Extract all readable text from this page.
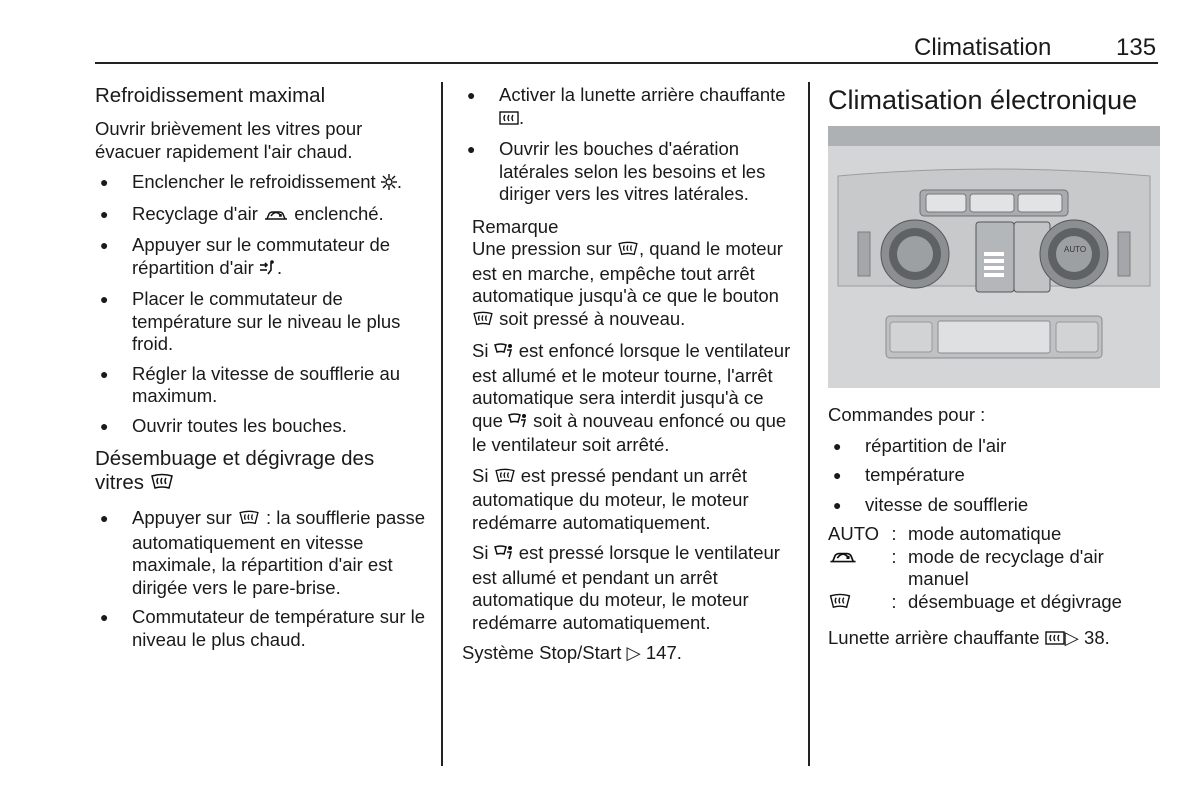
Climatisation	135
Refroidissement maximal

Ouvrir brièvement les vitres pour évacuer rapidement l'air chaud.

● Enclencher le refroidissement .
● Recyclage d'air enclenché.
● Appuyer sur le commutateur de répartition d'air .
● Placer le commutateur de température sur le niveau le plus froid.
● Régler la vitesse de soufflerie au maximum.
● Ouvrir toutes les bouches.
Désembuage et dégivrage des vitres
● Appuyer sur : la soufflerie passe automatiquement en vitesse maximale, la répartition d'air est dirigée vers le pare-brise.
● Commutateur de température sur le niveau le plus chaud.
● Activer la lunette arrière chauffante .
● Ouvrir les bouches d'aération latérales selon les besoins et les diriger vers les vitres latérales.
Remarque

Une pression sur , quand le moteur est en marche, empêche tout arrêt automatique jusqu'à ce que le bouton  soit pressé à nouveau.

Si est enfoncé lorsque le ventilateur est allumé et le moteur tourne, l'arrêt automatique sera interdit jusqu'à ce que soit à nouveau enfoncé ou que le ventilateur soit arrêté.

Si est pressé pendant un arrêt automatique du moteur, le moteur redémarre automatiquement.

Si est pressé lorsque le ventilateur est allumé et pendant un arrêt automatique du moteur, le moteur redémarre automatiquement.

Système Stop/Start ▷ 147.

Climatisation électronique
AUTO

Commandes pour :

● répartition de l'air
● température
● vitesse de soufflerie
AUTO : mode automatique
: mode de recyclage d'air manuel
: désembuage et dégivrage

Lunette arrière chauffante ▷ 38.
